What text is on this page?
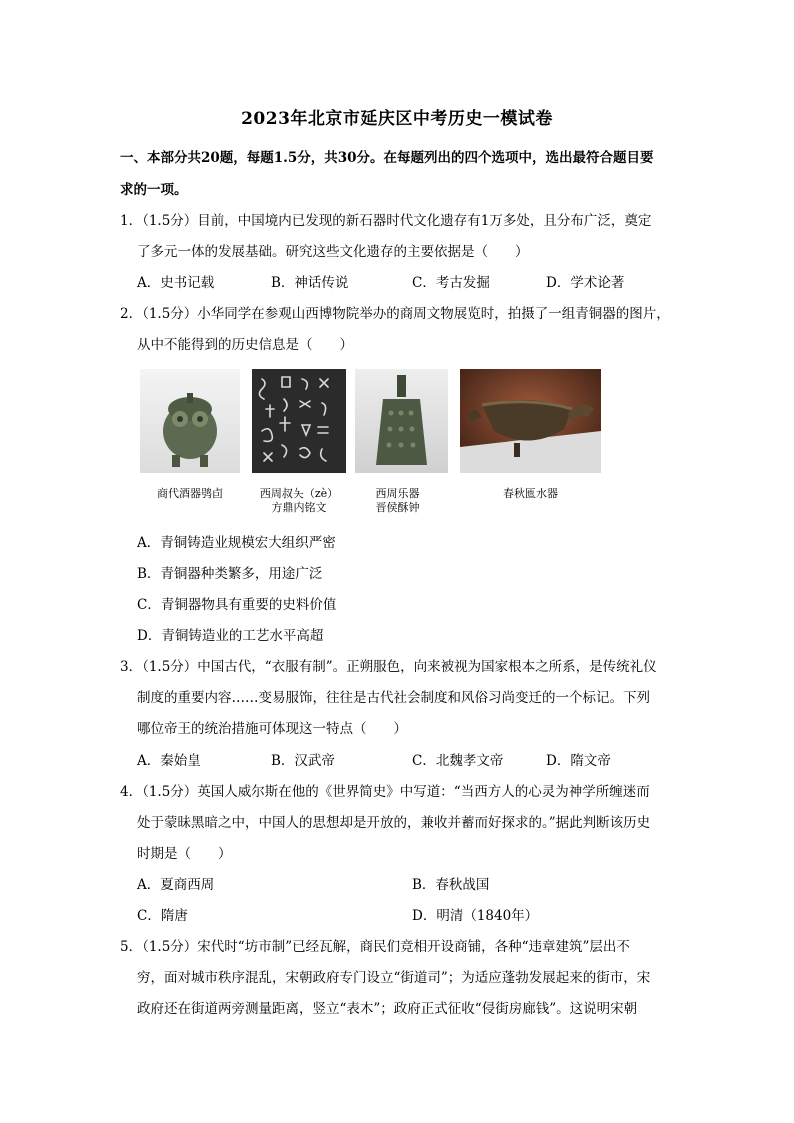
2023年北京市延庆区中考历史一模试卷
一、本部分共20题，每题1.5分，共30分。在每题列出的四个选项中，选出最符合题目要
求的一项。
1．（1.5分）目前，中国境内已发现的新石器时代文化遗存有1万多处，且分布广泛，奠定
了多元一体的发展基础。研究这些文化遗存的主要依据是（　　）
A．史书记载	B．神话传说	C．考古发掘	D．学术论著
2．（1.5分）小华同学在参观山西博物院举办的商周文物展览时，拍摄了一组青铜器的图片，
从中不能得到的历史信息是（　　）
商代酒器鸮卣	西周叔夨（zè）
方鼎内铭文
西周乐器
晋侯酥钟
春秋匜水器
A．青铜铸造业规模宏大组织严密
B．青铜器种类繁多，用途广泛
C．青铜器物具有重要的史料价值
D．青铜铸造业的工艺水平高超
3．（1.5分）中国古代，“衣服有制”。正朔服色，向来被视为国家根本之所系，是传统礼仪
制度的重要内容……变易服饰，往往是古代社会制度和风俗习尚变迁的一个标记。下列
哪位帝王的统治措施可体现这一特点（　　）
A．秦始皇	B．汉武帝	C．北魏孝文帝	D．隋文帝
4．（1.5分）英国人威尔斯在他的《世界简史》中写道：“当西方人的心灵为神学所缠迷而
处于蒙昧黑暗之中，中国人的思想却是开放的，兼收并蓄而好探求的。”据此判断该历史
时期是（　　）
A．夏商西周	B．春秋战国
C．隋唐	D．明清（1840年）
5．（1.5分）宋代时“坊市制”已经瓦解，商民们竞相开设商铺，各种“违章建筑”层出不
穷，面对城市秩序混乱，宋朝政府专门设立“街道司”；为适应蓬勃发展起来的街市，宋
政府还在街道两旁测量距离，竖立“表木”；政府正式征收“侵街房廊钱”。这说明宋朝
